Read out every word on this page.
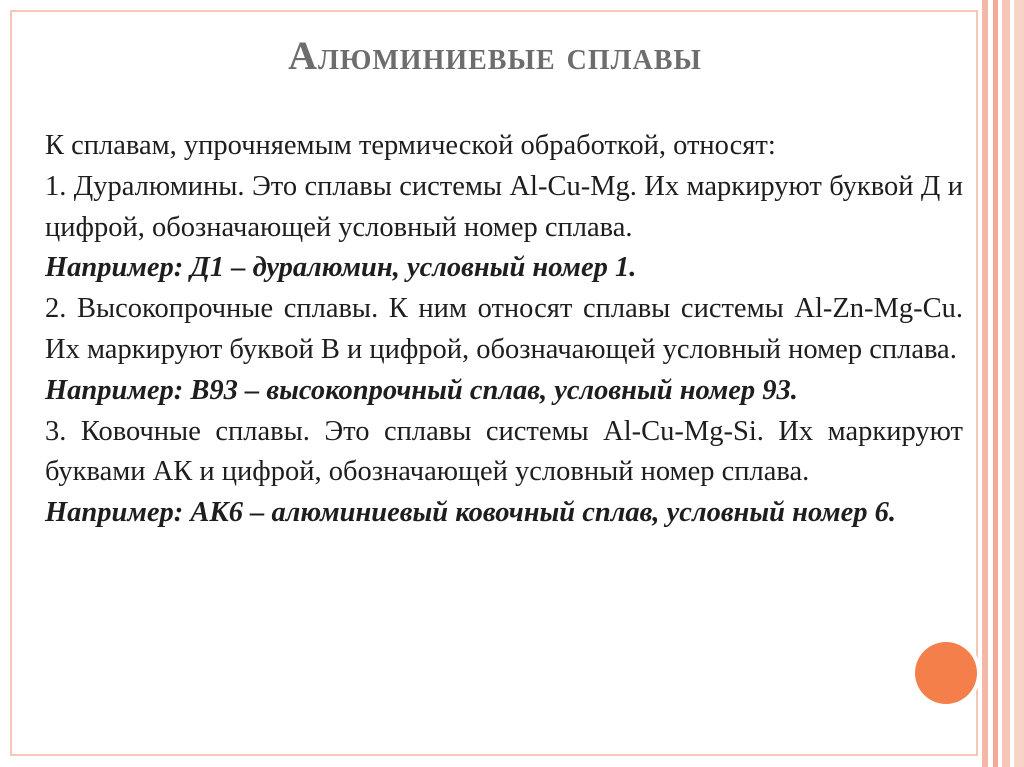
Алюминиевые сплавы

К сплавам, упрочняемым термической обработкой, относят:

1. Дуралюмины. Это сплавы системы Al-Cu-Mg. Их маркируют буквой Д и цифрой, обозначающей условный номер сплава.

Например: Д1 – дуралюмин, условный номер 1.

2. Высокопрочные сплавы. К ним относят сплавы системы Al-Zn-Mg-Cu. Их маркируют буквой В и цифрой, обозначающей условный номер сплава.

Например: В93 – высокопрочный сплав, условный номер 93.

3. Ковочные сплавы. Это сплавы системы Al-Cu-Mg-Si. Их маркируют буквами АК и цифрой, обозначающей условный номер сплава.

Например: АК6 – алюминиевый ковочный сплав, условный номер 6.
